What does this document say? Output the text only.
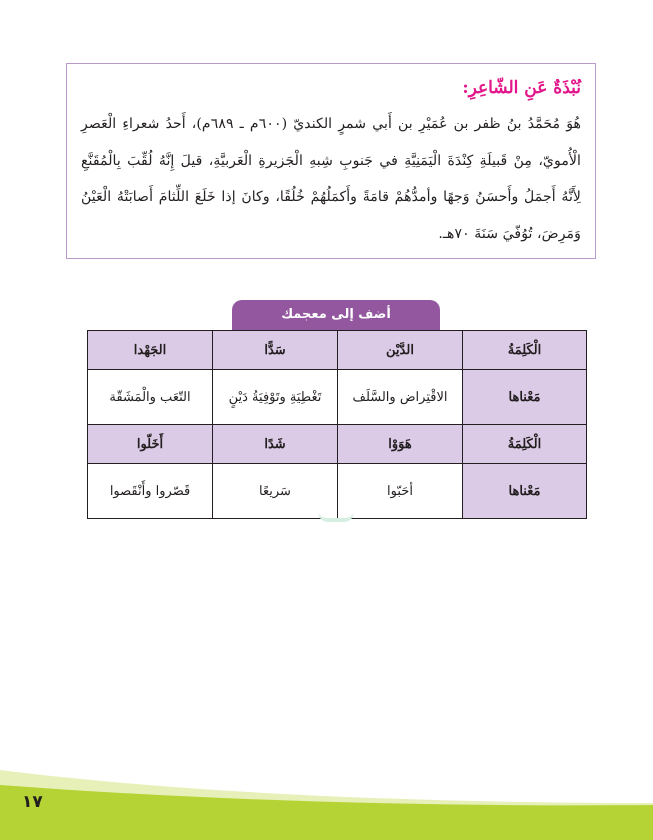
نُبْذَةٌ عَنِ الشّاعِرِ:

هُوَ مُحَمَّدُ بنُ ظفر بن عُمَيْرِ بن أَبي شمرٍ الكنديّ (٦٠٠م ـ ٦٨٩م)، أَحدُ شعراءِ الْعَصرِ الْأُمويّ، مِنْ قَبيلَةِ كِنْدَةَ الْيَمَنِيَّةِ في جَنوبِ شِبهِ الْجَزيرةِ الْعَربيَّةِ، قيلَ إِنَّهُ لُقِّبَ بِالْمُقَنَّعِ لِأَنَّهُ أَجمَلُ وأَحسَنُ وَجهًا وأمدُّهُمْ قامَةً وأَكمَلُهُمْ خُلُقًا، وكانَ إذا خَلَعَ اللِّثامَ أَصابَتْهُ الْعَيْنُ وَمَرِضَ، تُوُفّيَ سَنَةَ ٧٠هـ.

أضف إلى معجمك
الْكَلِمَةُ	الدَّيْن	سَدًّا	الجَهْدا
مَعْناها	الاقْتِراض والسَّلَف	تَغْطِيَةِ وتَوْفِيَةُ دَيْنٍ	التّعَب والْمَشَقّة
الْكَلِمَةُ	هَوَوْا	شَدًا	أَخَلّوا
مَعْناها	أحَبّوا	سَريعًا	قَصّروا وأَنْقَصوا
١٧
